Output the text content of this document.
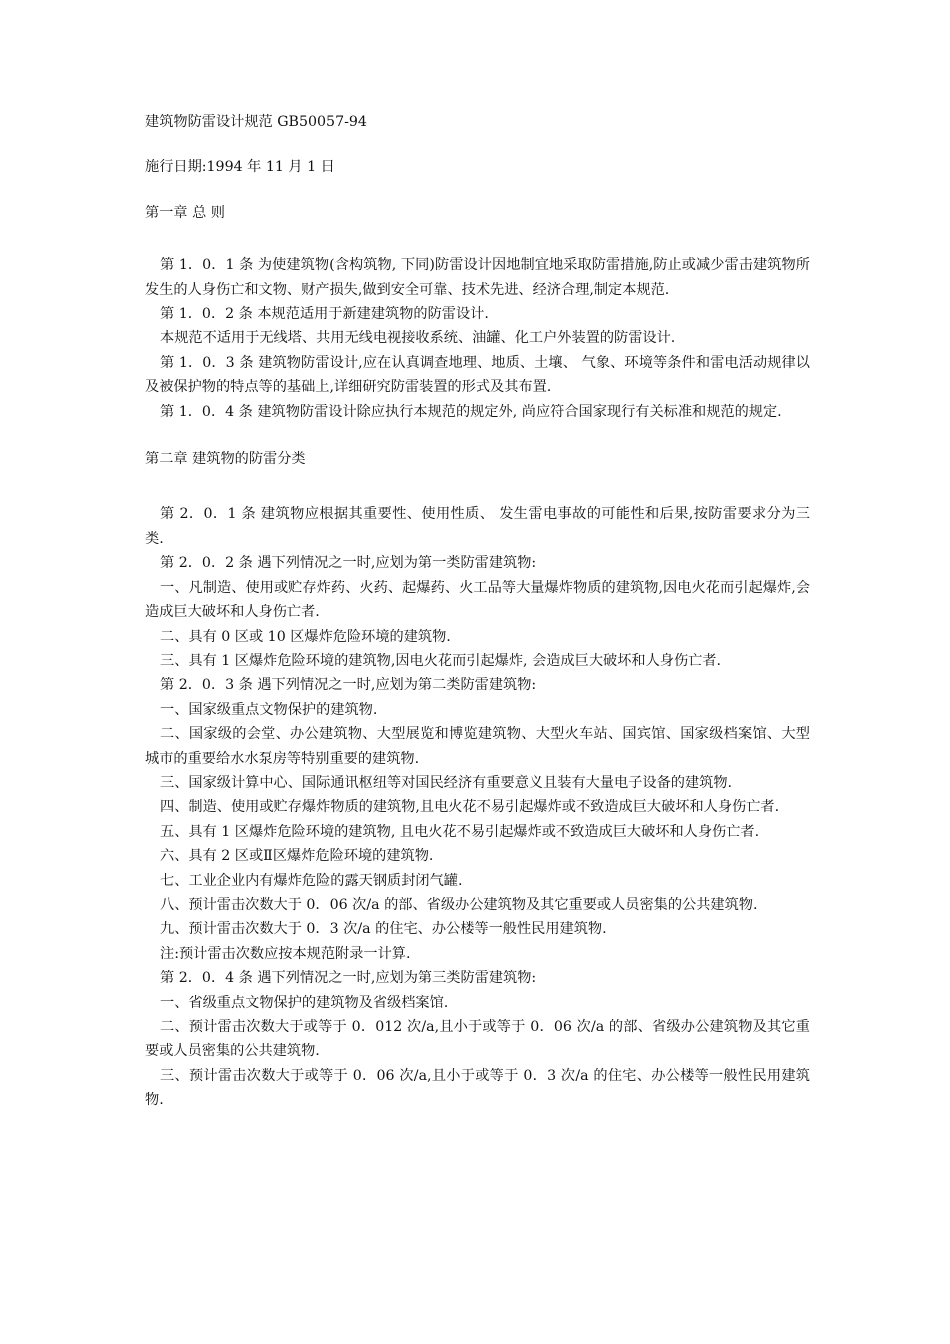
建筑物防雷设计规范 GB50057-94

施行日期:1994 年 11 月 1 日

第一章 总 则

第 1．0．1 条 为使建筑物(含构筑物, 下同)防雷设计因地制宜地采取防雷措施,防止或减少雷击建筑物所发生的人身伤亡和文物、财产损失,做到安全可靠、技术先进、经济合理,制定本规范.

第 1．0．2 条 本规范适用于新建建筑物的防雷设计.

本规范不适用于无线塔、共用无线电视接收系统、油罐、化工户外装置的防雷设计.

第 1．0．3 条 建筑物防雷设计,应在认真调查地理、地质、土壤、 气象、环境等条件和雷电活动规律以及被保护物的特点等的基础上,详细研究防雷装置的形式及其布置.

第 1．0．4 条 建筑物防雷设计除应执行本规范的规定外, 尚应符合国家现行有关标准和规范的规定.

第二章 建筑物的防雷分类

第 2．0．1 条 建筑物应根据其重要性、使用性质、 发生雷电事故的可能性和后果,按防雷要求分为三类.

第 2．0．2 条 遇下列情况之一时,应划为第一类防雷建筑物:

一、凡制造、使用或贮存炸药、火药、起爆药、火工品等大量爆炸物质的建筑物,因电火花而引起爆炸,会造成巨大破坏和人身伤亡者.

二、具有 0 区或 10 区爆炸危险环境的建筑物.

三、具有 1 区爆炸危险环境的建筑物,因电火花而引起爆炸, 会造成巨大破坏和人身伤亡者.

第 2．0．3 条 遇下列情况之一时,应划为第二类防雷建筑物:

一、国家级重点文物保护的建筑物.

二、国家级的会堂、办公建筑物、大型展览和博览建筑物、大型火车站、国宾馆、国家级档案馆、大型城市的重要给水水泵房等特别重要的建筑物.

三、国家级计算中心、国际通讯枢纽等对国民经济有重要意义且装有大量电子设备的建筑物.

四、制造、使用或贮存爆炸物质的建筑物,且电火花不易引起爆炸或不致造成巨大破坏和人身伤亡者.

五、具有 1 区爆炸危险环境的建筑物, 且电火花不易引起爆炸或不致造成巨大破坏和人身伤亡者.

六、具有 2 区或Ⅱ区爆炸危险环境的建筑物.

七、工业企业内有爆炸危险的露天钢质封闭气罐.

八、预计雷击次数大于 0．06 次/a 的部、省级办公建筑物及其它重要或人员密集的公共建筑物.

九、预计雷击次数大于 0．3 次/a 的住宅、办公楼等一般性民用建筑物.

注:预计雷击次数应按本规范附录一计算.

第 2．0．4 条 遇下列情况之一时,应划为第三类防雷建筑物:

一、省级重点文物保护的建筑物及省级档案馆.

二、预计雷击次数大于或等于 0．012 次/a,且小于或等于 0．06 次/a 的部、省级办公建筑物及其它重要或人员密集的公共建筑物.

三、预计雷击次数大于或等于 0．06 次/a,且小于或等于 0．3 次/a 的住宅、办公楼等一般性民用建筑物.
